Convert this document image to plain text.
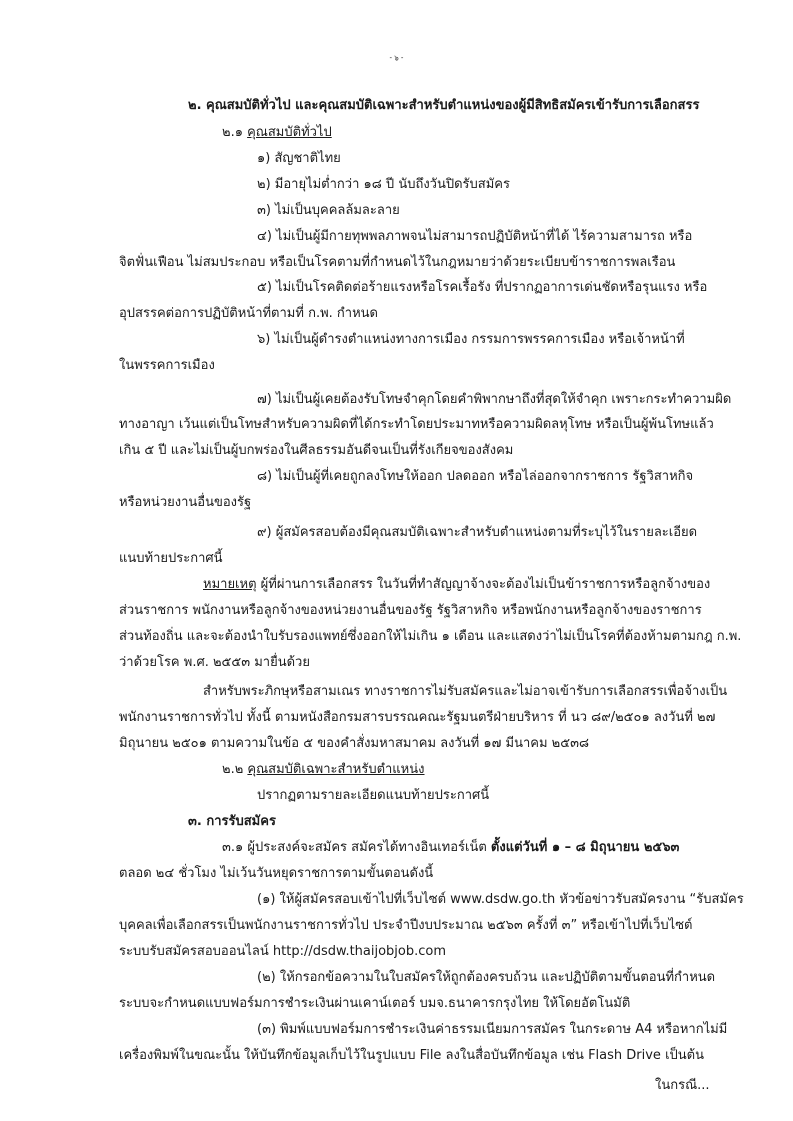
- ๖ -
๒. คุณสมบัติทั่วไป และคุณสมบัติเฉพาะสำหรับตำแหน่งของผู้มีสิทธิสมัครเข้ารับการเลือกสรร
๒.๑ คุณสมบัติทั่วไป
๑) สัญชาติไทย
๒) มีอายุไม่ต่ำกว่า ๑๘ ปี นับถึงวันปิดรับสมัคร
๓) ไม่เป็นบุคคลล้มละลาย
๔) ไม่เป็นผู้มีกายทุพพลภาพจนไม่สามารถปฏิบัติหน้าที่ได้ ไร้ความสามารถ หรือ
จิตฟั่นเฟือน ไม่สมประกอบ หรือเป็นโรคตามที่กำหนดไว้ในกฎหมายว่าด้วยระเบียบข้าราชการพลเรือน
๕) ไม่เป็นโรคติดต่อร้ายแรงหรือโรคเรื้อรัง ที่ปรากฏอาการเด่นชัดหรือรุนแรง หรือ
อุปสรรคต่อการปฏิบัติหน้าที่ตามที่ ก.พ. กำหนด
๖) ไม่เป็นผู้ดำรงตำแหน่งทางการเมือง กรรมการพรรคการเมือง หรือเจ้าหน้าที่
ในพรรคการเมือง
๗) ไม่เป็นผู้เคยต้องรับโทษจำคุกโดยคำพิพากษาถึงที่สุดให้จำคุก เพราะกระทำความผิด
ทางอาญา เว้นแต่เป็นโทษสำหรับความผิดที่ได้กระทำโดยประมาทหรือความผิดลหุโทษ หรือเป็นผู้พ้นโทษแล้ว
เกิน ๕ ปี และไม่เป็นผู้บกพร่องในศีลธรรมอันดีจนเป็นที่รังเกียจของสังคม
๘) ไม่เป็นผู้ที่เคยถูกลงโทษให้ออก ปลดออก หรือไล่ออกจากราชการ รัฐวิสาหกิจ
หรือหน่วยงานอื่นของรัฐ
๙) ผู้สมัครสอบต้องมีคุณสมบัติเฉพาะสำหรับตำแหน่งตามที่ระบุไว้ในรายละเอียด
แนบท้ายประกาศนี้
หมายเหตุ ผู้ที่ผ่านการเลือกสรร ในวันที่ทำสัญญาจ้างจะต้องไม่เป็นข้าราชการหรือลูกจ้างของ
ส่วนราชการ พนักงานหรือลูกจ้างของหน่วยงานอื่นของรัฐ รัฐวิสาหกิจ หรือพนักงานหรือลูกจ้างของราชการ
ส่วนท้องถิ่น และจะต้องนำใบรับรองแพทย์ซึ่งออกให้ไม่เกิน ๑ เดือน และแสดงว่าไม่เป็นโรคที่ต้องห้ามตามกฎ ก.พ.
ว่าด้วยโรค พ.ศ. ๒๕๕๓ มายื่นด้วย
สำหรับพระภิกษุหรือสามเณร ทางราชการไม่รับสมัครและไม่อาจเข้ารับการเลือกสรรเพื่อจ้างเป็น
พนักงานราชการทั่วไป ทั้งนี้ ตามหนังสือกรมสารบรรณคณะรัฐมนตรีฝ่ายบริหาร ที่ นว ๘๙/๒๕๐๑ ลงวันที่ ๒๗
มิถุนายน ๒๕๐๑ ตามความในข้อ ๕ ของคำสั่งมหาสมาคม ลงวันที่ ๑๗ มีนาคม ๒๕๓๘
๒.๒ คุณสมบัติเฉพาะสำหรับตำแหน่ง
ปรากฏตามรายละเอียดแนบท้ายประกาศนี้
๓. การรับสมัคร
๓.๑ ผู้ประสงค์จะสมัคร สมัครได้ทางอินเทอร์เน็ต ตั้งแต่วันที่ ๑ – ๘ มิถุนายน ๒๕๖๓
ตลอด ๒๔ ชั่วโมง ไม่เว้นวันหยุดราชการตามขั้นตอนดังนี้
(๑) ให้ผู้สมัครสอบเข้าไปที่เว็บไซต์ www.dsdw.go.th หัวข้อข่าวรับสมัครงาน “รับสมัคร
บุคคลเพื่อเลือกสรรเป็นพนักงานราชการทั่วไป ประจำปีงบประมาณ ๒๕๖๓ ครั้งที่ ๓” หรือเข้าไปที่เว็บไซต์
ระบบรับสมัครสอบออนไลน์ http://dsdw.thaijobjob.com
(๒) ให้กรอกข้อความในใบสมัครให้ถูกต้องครบถ้วน และปฏิบัติตามขั้นตอนที่กำหนด
ระบบจะกำหนดแบบฟอร์มการชำระเงินผ่านเคาน์เตอร์ บมจ.ธนาคารกรุงไทย ให้โดยอัตโนมัติ
(๓) พิมพ์แบบฟอร์มการชำระเงินค่าธรรมเนียมการสมัคร ในกระดาษ A4 หรือหากไม่มี
เครื่องพิมพ์ในขณะนั้น ให้บันทึกข้อมูลเก็บไว้ในรูปแบบ File ลงในสื่อบันทึกข้อมูล เช่น Flash Drive เป็นต้น
ในกรณี...
